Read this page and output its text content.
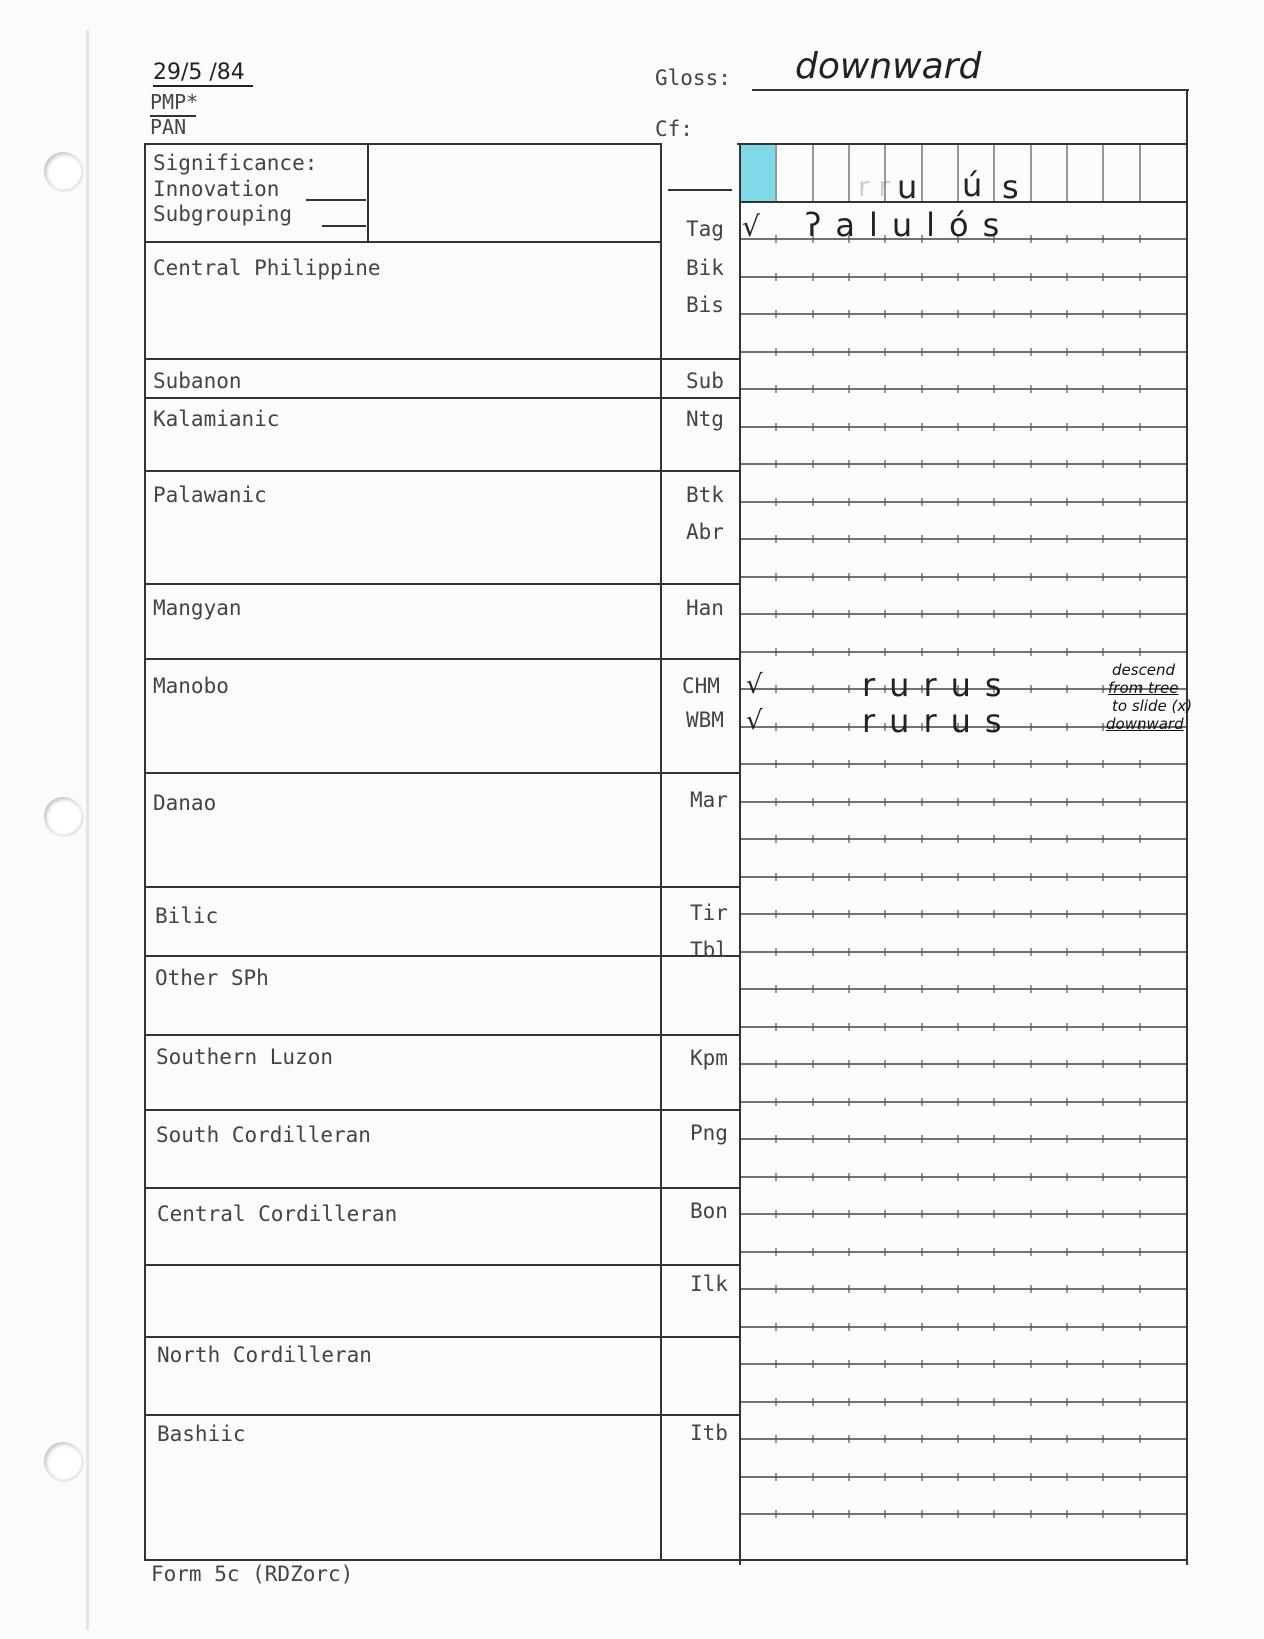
29/5 /84
PMP*
PAN
Gloss: downward
Cf:
Significance:
Innovation
Subgrouping
r r u ú s
Central Philippine
Subanon
Kalamianic
Palawanic
Mangyan
Manobo
Danao
Bilic
Other SPh
Southern Luzon
South Cordilleran
Central Cordilleran
North Cordilleran
Bashiic
Tag
Bik
Bis
Sub
Ntg
Btk
Abr
Han
CHM
WBM
Mar
Tir
Tbl
Kpm
Png
Bon
Ilk
Itb
√ ʔalulós
√	rurus
√	rurus
descend
from tree
to slide (x)
downward
Form 5c (RDZorc)
